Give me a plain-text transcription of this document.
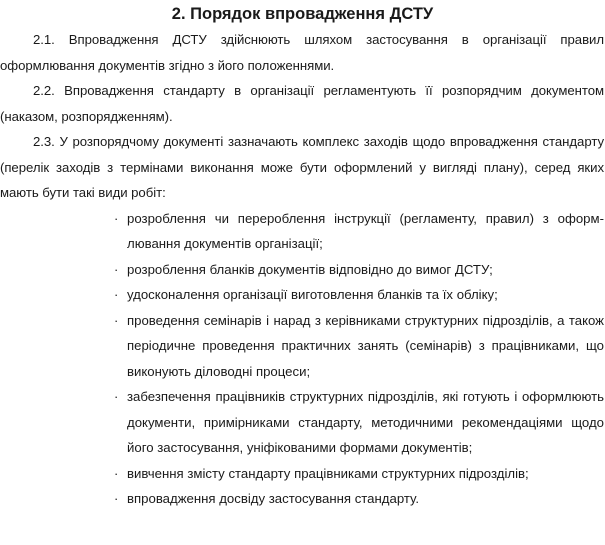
2. Порядок впровадження ДСТУ

2.1. Впровадження ДСТУ здійснюють шляхом застосування в організації правил оформлювання документів згідно з його положеннями.

2.2. Впровадження стандарту в організації регламентують її розпорядчим документом (наказом, розпорядженням).

2.3. У розпорядчому документі зазначають комплекс заходів щодо впровадження стандарту (перелік заходів з термінами виконання може бути оформлений у вигляді плану), серед яких мають бути такі види робіт:

· розроблення чи перероблення інструкції (регламенту, правил) з оформлювання документів організації;
· розроблення бланків документів відповідно до вимог ДСТУ;
· удосконалення організації виготовлення бланків та їх обліку;
· проведення семінарів і нарад з керівниками структурних підрозділів, а також періодичне проведення практичних занять (семінарів) з працівниками, що виконують діловодні процеси;
· забезпечення працівників структурних підрозділів, які готують і оформлюють документи, примірниками стандарту, методичними рекомендаціями щодо його застосування, уніфікованими формами документів;
· вивчення змісту стандарту працівниками структурних підрозділів;
· впровадження досвіду застосування стандарту.
